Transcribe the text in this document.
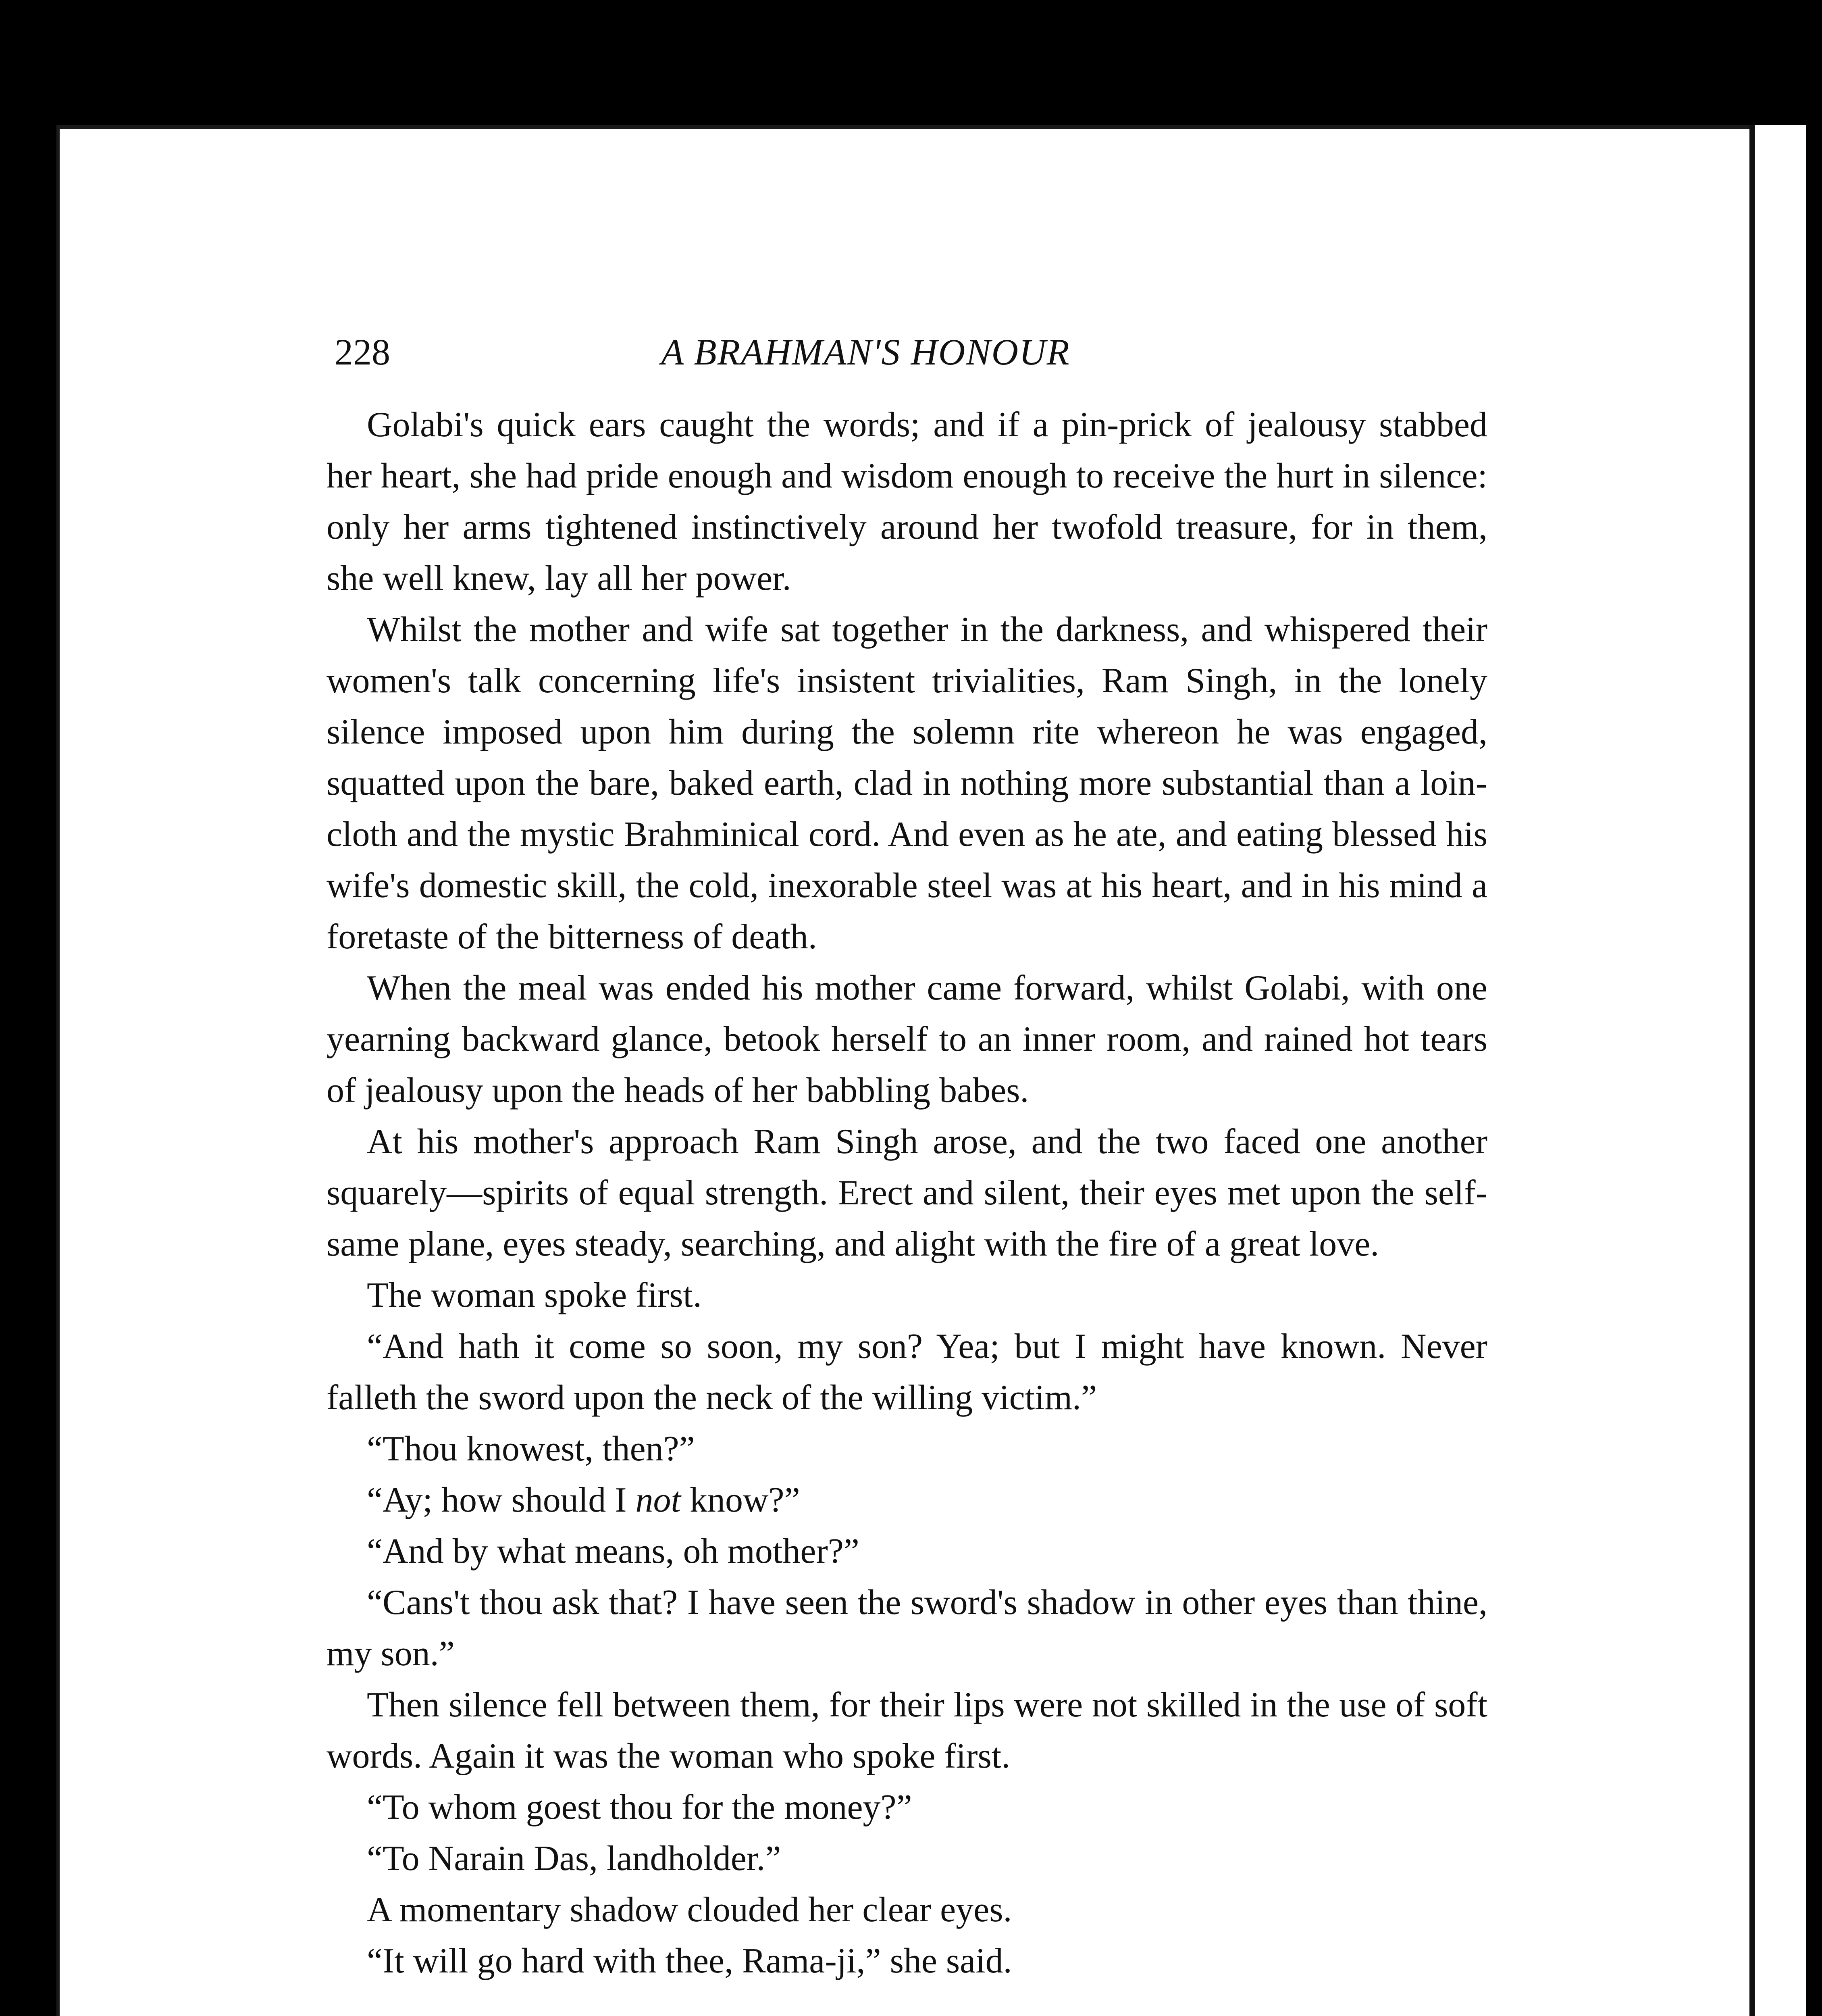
228	A BRAHMAN'S HONOUR

Golabi's quick ears caught the words; and if a pin-prick of jealousy stabbed her heart, she had pride enough and wisdom enough to receive the hurt in silence: only her arms tightened instinctively around her twofold treasure, for in them, she well knew, lay all her power.

Whilst the mother and wife sat together in the darkness, and whispered their women's talk concerning life's insistent trivialities, Ram Singh, in the lonely silence imposed upon him during the solemn rite whereon he was engaged, squatted upon the bare, baked earth, clad in nothing more substantial than a loin-cloth and the mystic Brahminical cord. And even as he ate, and eating blessed his wife's domestic skill, the cold, inexorable steel was at his heart, and in his mind a foretaste of the bitterness of death.

When the meal was ended his mother came forward, whilst Golabi, with one yearning backward glance, betook herself to an inner room, and rained hot tears of jealousy upon the heads of her babbling babes.

At his mother's approach Ram Singh arose, and the two faced one another squarely—spirits of equal strength. Erect and silent, their eyes met upon the self-same plane, eyes steady, searching, and alight with the fire of a great love.

The woman spoke first.

“And hath it come so soon, my son? Yea; but I might have known. Never falleth the sword upon the neck of the willing victim.”

“Thou knowest, then?”

“Ay; how should I not know?”

“And by what means, oh mother?”

“Cans't thou ask that? I have seen the sword's shadow in other eyes than thine, my son.”

Then silence fell between them, for their lips were not skilled in the use of soft words. Again it was the woman who spoke first.

“To whom goest thou for the money?”

“To Narain Das, landholder.”

A momentary shadow clouded her clear eyes.

“It will go hard with thee, Rama-ji,” she said.
